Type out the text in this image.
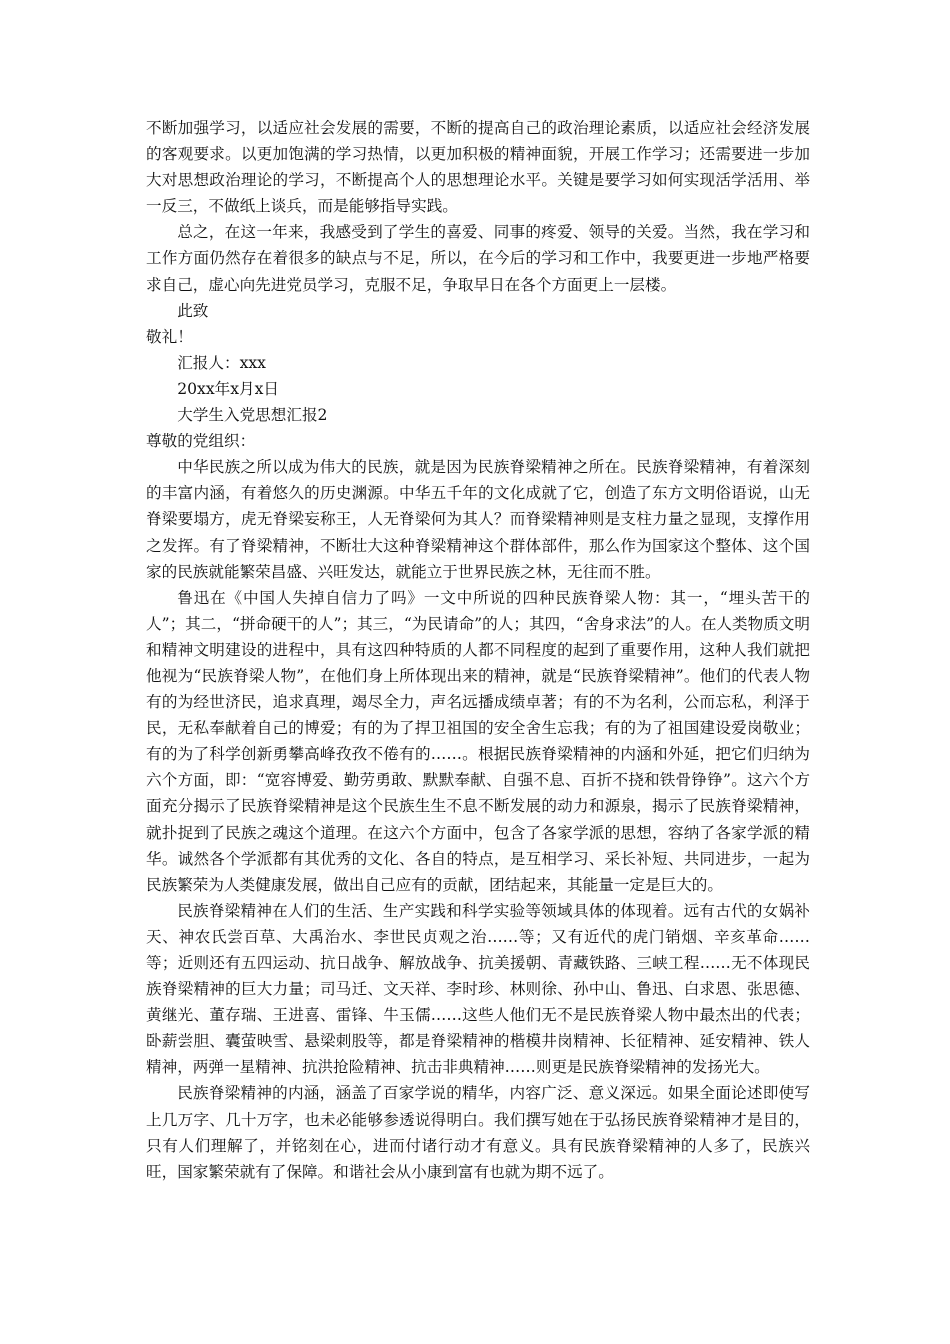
不断加强学习，以适应社会发展的需要，不断的提高自己的政治理论素质，以适应社会经济发展的客观要求。以更加饱满的学习热情，以更加积极的精神面貌，开展工作学习；还需要进一步加大对思想政治理论的学习，不断提高个人的思想理论水平。关键是要学习如何实现活学活用、举一反三，不做纸上谈兵，而是能够指导实践。

总之，在这一年来，我感受到了学生的喜爱、同事的疼爱、领导的关爱。当然，我在学习和工作方面仍然存在着很多的缺点与不足，所以，在今后的学习和工作中，我要更进一步地严格要求自己，虚心向先进党员学习，克服不足，争取早日在各个方面更上一层楼。

此致

敬礼！

汇报人：xxx

20xx年x月x日

大学生入党思想汇报2

尊敬的党组织：

中华民族之所以成为伟大的民族，就是因为民族脊梁精神之所在。民族脊梁精神，有着深刻的丰富内涵，有着悠久的历史渊源。中华五千年的文化成就了它，创造了东方文明俗语说，山无脊梁要塌方，虎无脊梁妄称王，人无脊梁何为其人？而脊梁精神则是支柱力量之显现，支撑作用之发挥。有了脊梁精神，不断壮大这种脊梁精神这个群体部件，那么作为国家这个整体、这个国家的民族就能繁荣昌盛、兴旺发达，就能立于世界民族之林，无往而不胜。

鲁迅在《中国人失掉自信力了吗》一文中所说的四种民族脊梁人物：其一，“埋头苦干的人”；其二，“拼命硬干的人”；其三，“为民请命”的人；其四，“舍身求法”的人。在人类物质文明和精神文明建设的进程中，具有这四种特质的人都不同程度的起到了重要作用，这种人我们就把他视为“民族脊梁人物”，在他们身上所体现出来的精神，就是“民族脊梁精神”。他们的代表人物有的为经世济民，追求真理，竭尽全力，声名远播成绩卓著；有的不为名利，公而忘私，利泽于民，无私奉献着自己的博爱；有的为了捍卫祖国的安全舍生忘我；有的为了祖国建设爱岗敬业；有的为了科学创新勇攀高峰孜孜不倦有的……。根据民族脊梁精神的内涵和外延，把它们归纳为六个方面，即：“宽容博爱、勤劳勇敢、默默奉献、自强不息、百折不挠和铁骨铮铮”。这六个方面充分揭示了民族脊梁精神是这个民族生生不息不断发展的动力和源泉，揭示了民族脊梁精神，就扑捉到了民族之魂这个道理。在这六个方面中，包含了各家学派的思想，容纳了各家学派的精华。诚然各个学派都有其优秀的文化、各自的特点，是互相学习、采长补短、共同进步，一起为民族繁荣为人类健康发展，做出自己应有的贡献，团结起来，其能量一定是巨大的。

民族脊梁精神在人们的生活、生产实践和科学实验等领域具体的体现着。远有古代的女娲补天、神农氏尝百草、大禹治水、李世民贞观之治……等；又有近代的虎门销烟、辛亥革命……等；近则还有五四运动、抗日战争、解放战争、抗美援朝、青藏铁路、三峡工程……无不体现民族脊梁精神的巨大力量；司马迁、文天祥、李时珍、林则徐、孙中山、鲁迅、白求恩、张思德、黄继光、董存瑞、王进喜、雷锋、牛玉儒……这些人他们无不是民族脊梁人物中最杰出的代表；卧薪尝胆、囊萤映雪、悬梁刺股等，都是脊梁精神的楷模井岗精神、长征精神、延安精神、铁人精神，两弹一星精神、抗洪抢险精神、抗击非典精神……则更是民族脊梁精神的发扬光大。

民族脊梁精神的内涵，涵盖了百家学说的精华，内容广泛、意义深远。如果全面论述即使写上几万字、几十万字，也未必能够参透说得明白。我们撰写她在于弘扬民族脊梁精神才是目的，只有人们理解了，并铭刻在心，进而付诸行动才有意义。具有民族脊梁精神的人多了，民族兴旺，国家繁荣就有了保障。和谐社会从小康到富有也就为期不远了。
